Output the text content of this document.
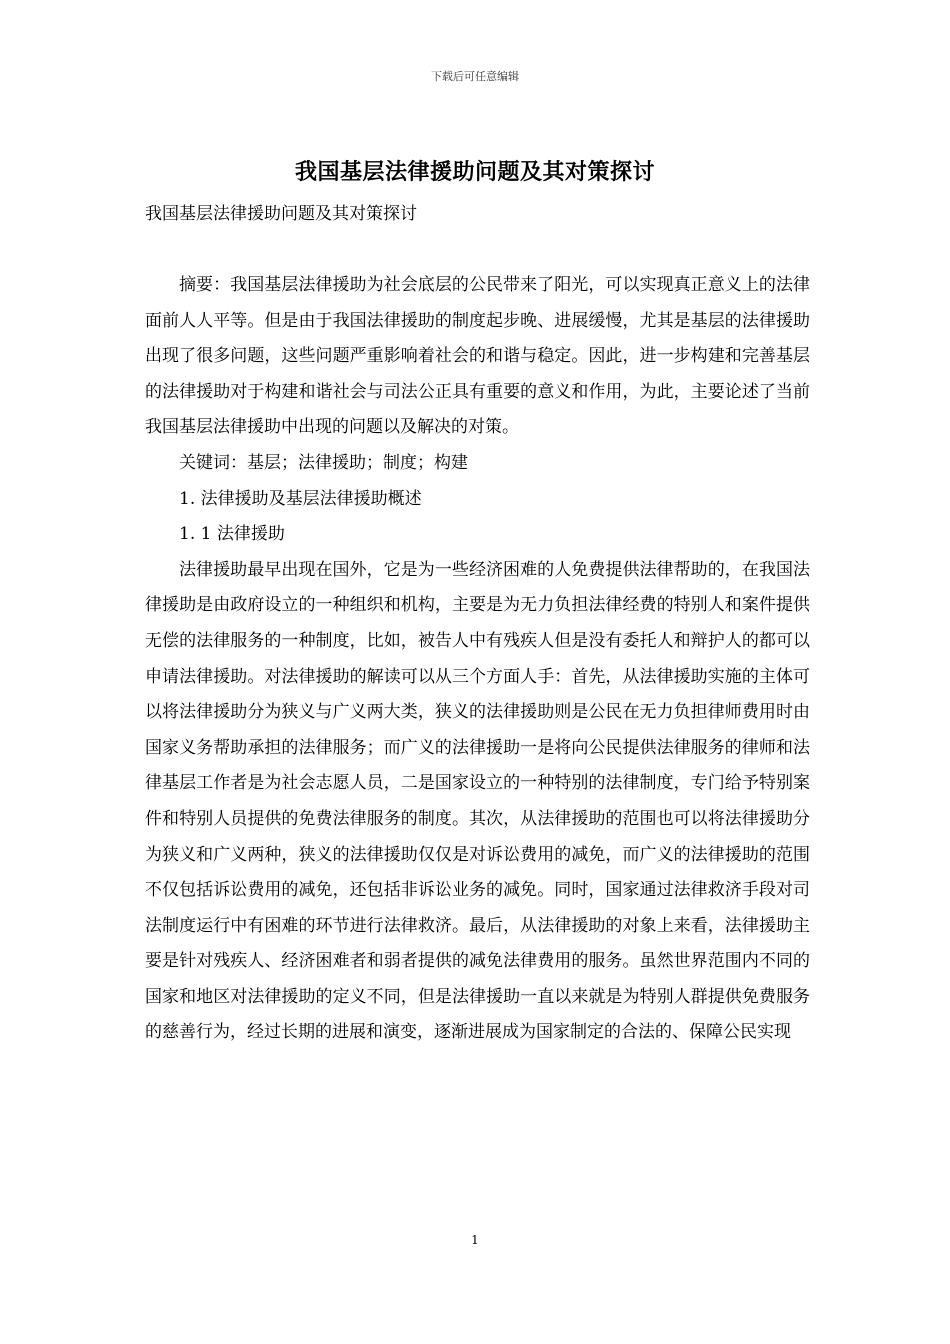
下载后可任意编辑
我国基层法律援助问题及其对策探讨
我国基层法律援助问题及其对策探讨

摘要：我国基层法律援助为社会底层的公民带来了阳光，可以实现真正意义上的法律面前人人平等。但是由于我国法律援助的制度起步晚、进展缓慢，尤其是基层的法律援助出现了很多问题，这些问题严重影响着社会的和谐与稳定。因此，进一步构建和完善基层的法律援助对于构建和谐社会与司法公正具有重要的意义和作用，为此，主要论述了当前我国基层法律援助中出现的问题以及解决的对策。

关键词：基层；法律援助；制度；构建

1. 法律援助及基层法律援助概述

1. 1 法律援助

法律援助最早出现在国外，它是为一些经济困难的人免费提供法律帮助的，在我国法律援助是由政府设立的一种组织和机构，主要是为无力负担法律经费的特别人和案件提供无偿的法律服务的一种制度，比如，被告人中有残疾人但是没有委托人和辩护人的都可以申请法律援助。对法律援助的解读可以从三个方面人手：首先，从法律援助实施的主体可以将法律援助分为狭义与广义两大类，狭义的法律援助则是公民在无力负担律师费用时由国家义务帮助承担的法律服务；而广义的法律援助一是将向公民提供法律服务的律师和法律基层工作者是为社会志愿人员，二是国家设立的一种特别的法律制度，专门给予特别案件和特别人员提供的免费法律服务的制度。其次，从法律援助的范围也可以将法律援助分为狭义和广义两种，狭义的法律援助仅仅是对诉讼费用的减免，而广义的法律援助的范围不仅包括诉讼费用的减免，还包括非诉讼业务的减免。同时，国家通过法律救济手段对司法制度运行中有困难的环节进行法律救济。最后，从法律援助的对象上来看，法律援助主要是针对残疾人、经济困难者和弱者提供的减免法律费用的服务。虽然世界范围内不同的国家和地区对法律援助的定义不同，但是法律援助一直以来就是为特别人群提供免费服务的慈善行为，经过长期的进展和演变，逐渐进展成为国家制定的合法的、保障公民实现

1
